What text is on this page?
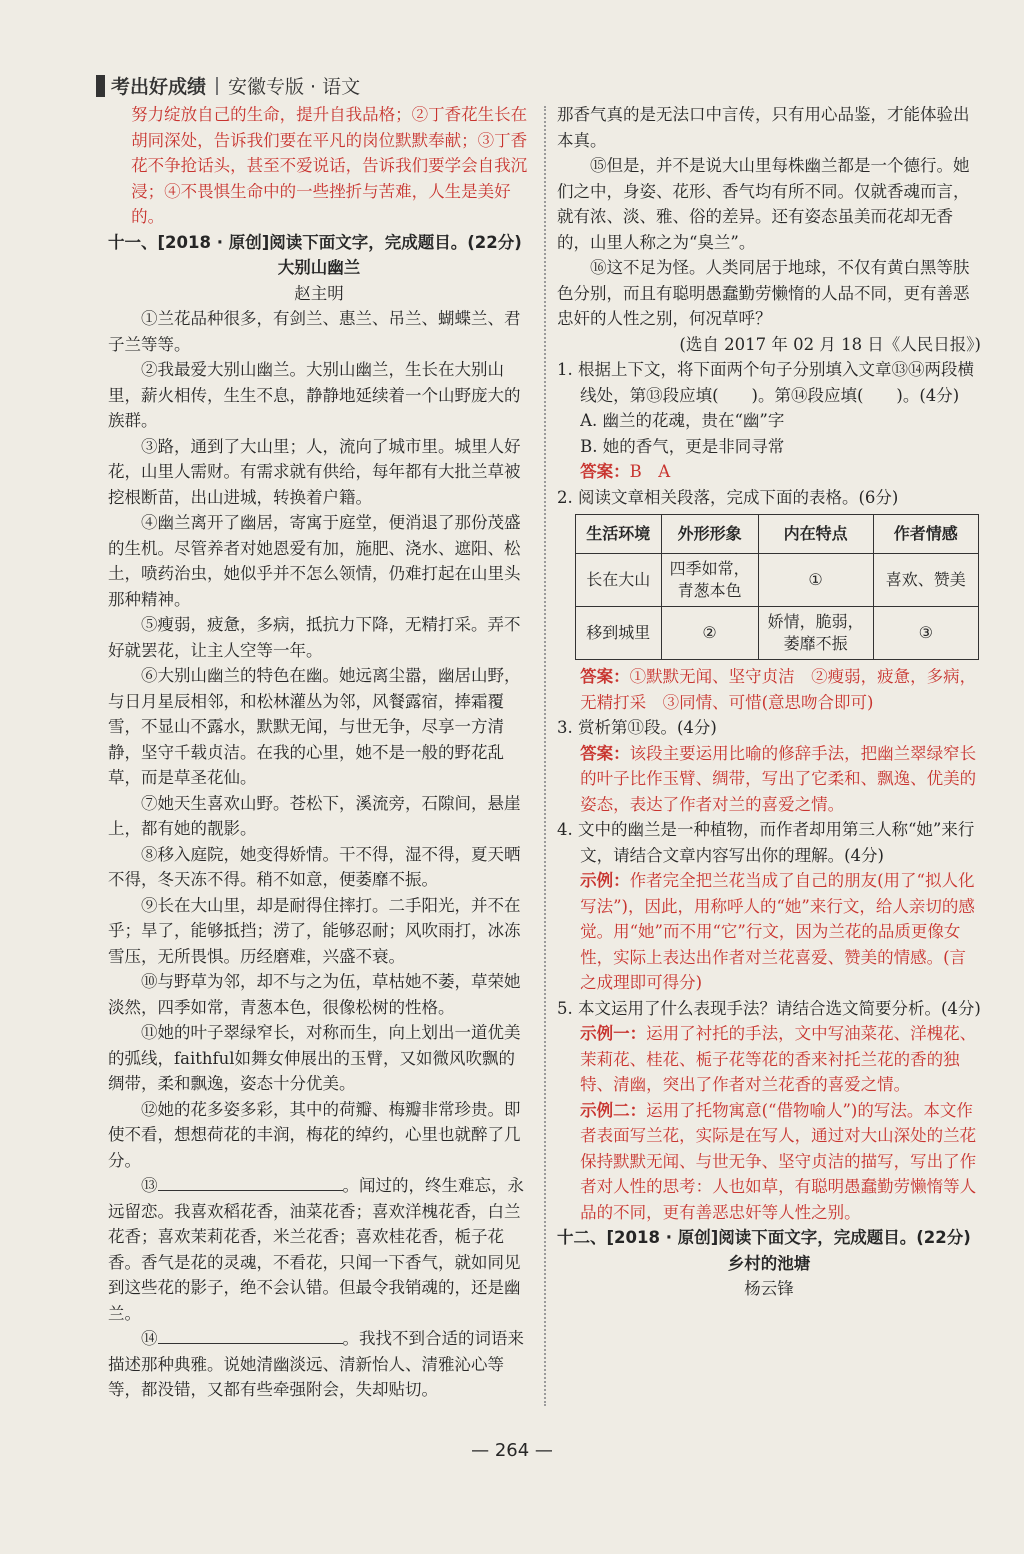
考出好成绩 安徽专版 · 语文

努力绽放自己的生命，提升自我品格；②丁香花生长在胡同深处，告诉我们要在平凡的岗位默默奉献；③丁香花不争抢话头，甚至不爱说话，告诉我们要学会自我沉浸；④不畏惧生命中的一些挫折与苦难，人生是美好的。

十一、[2018 · 原创]阅读下面文字，完成题目。(22分)

大别山幽兰

赵主明

①兰花品种很多，有剑兰、惠兰、吊兰、蝴蝶兰、君子兰等等。

②我最爱大别山幽兰。大别山幽兰，生长在大别山里，薪火相传，生生不息，静静地延续着一个山野庞大的族群。

③路，通到了大山里；人，流向了城市里。城里人好花，山里人需财。有需求就有供给，每年都有大批兰草被挖根断苗，出山进城，转换着户籍。

④幽兰离开了幽居，寄寓于庭堂，便消退了那份茂盛的生机。尽管养者对她恩爱有加，施肥、浇水、遮阳、松土，喷药治虫，她似乎并不怎么领情，仍难打起在山里头那种精神。

⑤瘦弱，疲惫，多病，抵抗力下降，无精打采。弄不好就罢花，让主人空等一年。

⑥大别山幽兰的特色在幽。她远离尘嚣，幽居山野，与日月星辰相邻，和松林灌丛为邻，风餐露宿，捧霜覆雪，不显山不露水，默默无闻，与世无争，尽享一方清静，坚守千载贞洁。在我的心里，她不是一般的野花乱草，而是草圣花仙。

⑦她天生喜欢山野。苍松下，溪流旁，石隙间，悬崖上，都有她的靓影。

⑧移入庭院，她变得娇情。干不得，湿不得，夏天晒不得，冬天冻不得。稍不如意，便萎靡不振。

⑨长在大山里，却是耐得住摔打。二手阳光，并不在乎；旱了，能够抵挡；涝了，能够忍耐；风吹雨打，冰冻雪压，无所畏惧。历经磨难，兴盛不衰。

⑩与野草为邻，却不与之为伍，草枯她不萎，草荣她淡然，四季如常，青葱本色，很像松树的性格。

⑪她的叶子翠绿窄长，对称而生，向上划出一道优美的弧线，faithful如舞女伸展出的玉臂，又如微风吹飘的绸带，柔和飘逸，姿态十分优美。

⑫她的花多姿多彩，其中的荷瓣、梅瓣非常珍贵。即使不看，想想荷花的丰润，梅花的绰约，心里也就醉了几分。

⑬	。闻过的，终生难忘，永远留恋。我喜欢稻花香，油菜花香；喜欢洋槐花香，白兰花香；喜欢茉莉花香，米兰花香；喜欢桂花香，栀子花香。香气是花的灵魂，不看花，只闻一下香气，就如同见到这些花的影子，绝不会认错。但最令我销魂的，还是幽兰。

⑭	。我找不到合适的词语来描述那种典雅。说她清幽淡远、清新怡人、清雅沁心等等，都没错，又都有些牵强附会，失却贴切。

那香气真的是无法口中言传，只有用心品鉴，才能体验出本真。

⑮但是，并不是说大山里每株幽兰都是一个德行。她们之中，身姿、花形、香气均有所不同。仅就香魂而言，就有浓、淡、雅、俗的差异。还有姿态虽美而花却无香的，山里人称之为“臭兰”。

⑯这不足为怪。人类同居于地球，不仅有黄白黑等肤色分别，而且有聪明愚蠢勤劳懒惰的人品不同，更有善恶忠奸的人性之别，何况草呼？

(选自 2017 年 02 月 18 日《人民日报》)

1. 根据上下文，将下面两个句子分别填入文章⑬⑭两段横线处，第⑬段应填(　　)。第⑭段应填(　　)。(4分)

A. 幽兰的花魂，贵在“幽”字

B. 她的香气，更是非同寻常

答案：B　A

2. 阅读文章相关段落，完成下面的表格。(6分)

生活环境	外形形象	内在特点	作者情感
长在大山	四季如常，青葱本色	①	喜欢、赞美
移到城里	②	娇情，脆弱，萎靡不振	③

答案：①默默无闻、坚守贞洁　②瘦弱，疲惫，多病，无精打采　③同情、可惜(意思吻合即可)

3. 赏析第⑪段。(4分)

答案：该段主要运用比喻的修辞手法，把幽兰翠绿窄长的叶子比作玉臂、绸带，写出了它柔和、飘逸、优美的姿态，表达了作者对兰的喜爱之情。

4. 文中的幽兰是一种植物，而作者却用第三人称“她”来行文，请结合文章内容写出你的理解。(4分)

示例：作者完全把兰花当成了自己的朋友(用了“拟人化写法”)，因此，用称呼人的“她”来行文，给人亲切的感觉。用“她”而不用“它”行文，因为兰花的品质更像女性，实际上表达出作者对兰花喜爱、赞美的情感。(言之成理即可得分)

5. 本文运用了什么表现手法？请结合选文简要分析。(4分)

示例一：运用了衬托的手法，文中写油菜花、洋槐花、茉莉花、桂花、栀子花等花的香来衬托兰花的香的独特、清幽，突出了作者对兰花香的喜爱之情。

示例二：运用了托物寓意(“借物喻人”)的写法。本文作者表面写兰花，实际是在写人，通过对大山深处的兰花保持默默无闻、与世无争、坚守贞洁的描写，写出了作者对人性的思考：人也如草，有聪明愚蠢勤劳懒惰等人品的不同，更有善恶忠奸等人性之别。

十二、[2018 · 原创]阅读下面文字，完成题目。(22分)

乡村的池塘

杨云锋

— 264 —
